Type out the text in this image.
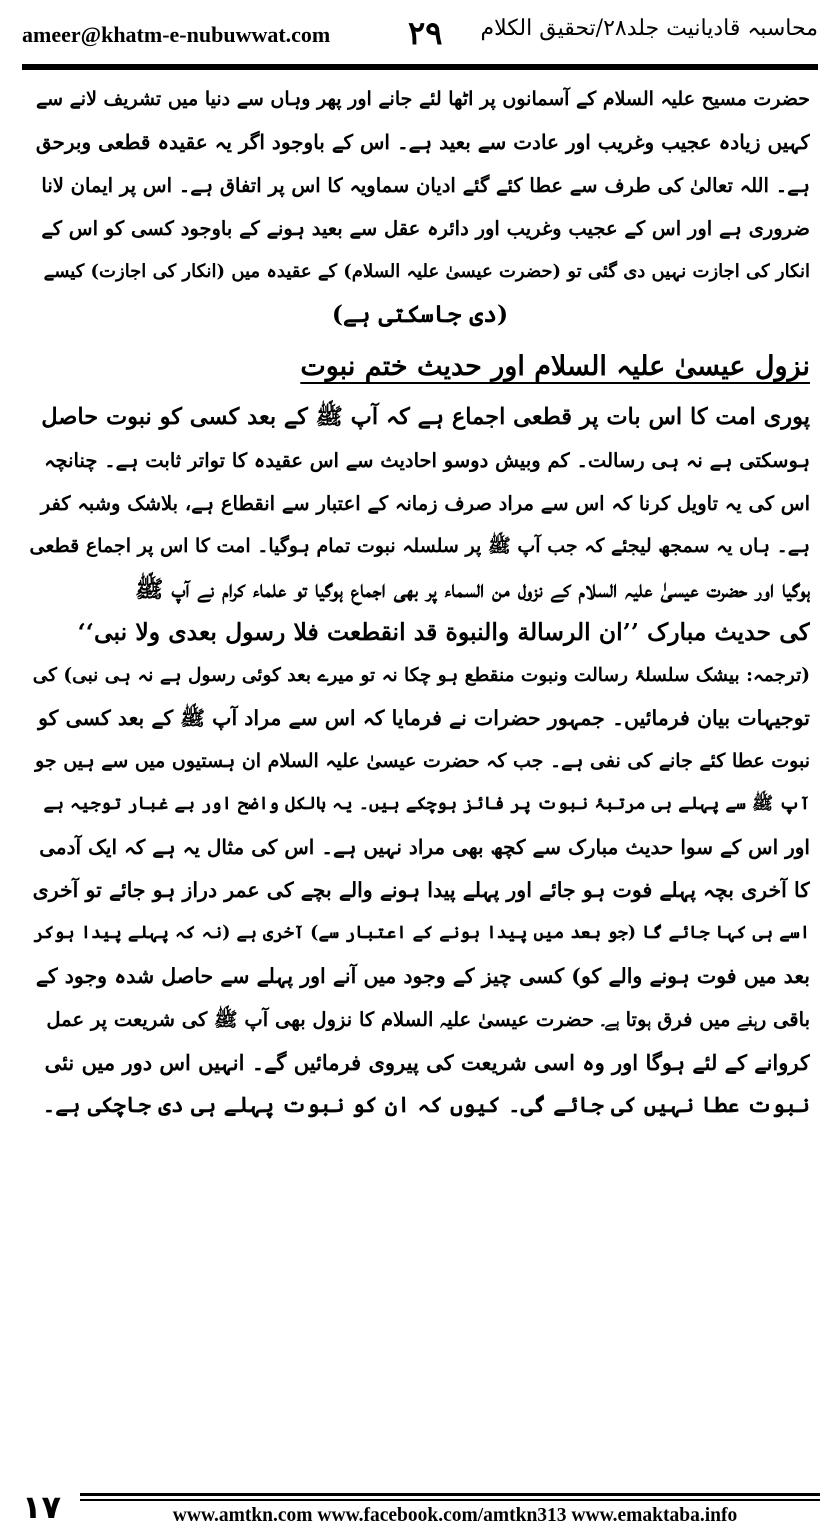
ameer@khatm-e-nubuwwat.com ۲۹ محاسبہ قادیانیت جلد۲۸/تحقیق الکلام
حضرت مسیح علیہ السلام کے آسمانوں پر اٹھا لئے جانے اور پھر وہاں سے دنیا میں تشریف لانے سے
کہیں زیادہ عجیب وغریب اور عادت سے بعید ہے۔ اس کے باوجود اگر یہ عقیدہ قطعی وبرحق
ہے۔ اللہ تعالیٰ کی طرف سے عطا کئے گئے ادیان سماویہ کا اس پر اتفاق ہے۔ اس پر ایمان لانا
ضروری ہے اور اس کے عجیب وغریب اور دائرہ عقل سے بعید ہونے کے باوجود کسی کو اس کے
انکار کی اجازت نہیں دی گئی تو (حضرت عیسیٰ علیہ السلام) کے عقیدہ میں (انکار کی اجازت) کیسے
(دی جاسکتی ہے)
نزول عیسیٰ علیہ السلام اور حدیث ختم نبوت
پوری امت کا اس بات پر قطعی اجماع ہے کہ آپ ﷺ کے بعد کسی کو نبوت حاصل
ہوسکتی ہے نہ ہی رسالت۔ کم وبیش دوسو احادیث سے اس عقیدہ کا تواتر ثابت ہے۔ چنانچہ
اس کی یہ تاویل کرنا کہ اس سے مراد صرف زمانہ کے اعتبار سے انقطاع ہے، بلاشک وشبہ کفر
ہے۔ ہاں یہ سمجھ لیجئے کہ جب آپ ﷺ پر سلسلہ نبوت تمام ہوگیا۔ امت کا اس پر اجماع قطعی
ہوگیا اور حضرت عیسیٰ علیہ السلام کے نزول من السماء پر بھی اجماع ہوگیا تو علماء کرام نے آپ ﷺ
کی حدیث مبارک ’’ان الرسالة والنبوة قد انقطعت فلا رسول بعدی ولا نبی‘‘
(ترجمہ: بیشک سلسلۂ رسالت ونبوت منقطع ہو چکا نہ تو میرے بعد کوئی رسول ہے نہ ہی نبی) کی
توجیہات بیان فرمائیں۔ جمہور حضرات نے فرمایا کہ اس سے مراد آپ ﷺ کے بعد کسی کو
نبوت عطا کئے جانے کی نفی ہے۔ جب کہ حضرت عیسیٰ علیہ السلام ان ہستیوں میں سے ہیں جو
آپ ﷺ سے پہلے ہی مرتبۂ نبوت پر فائز ہوچکے ہیں۔ یہ بالکل واضح اور بے غبار توجیہ ہے
اور اس کے سوا حدیث مبارک سے کچھ بھی مراد نہیں ہے۔ اس کی مثال یہ ہے کہ ایک آدمی
کا آخری بچہ پہلے فوت ہو جائے اور پہلے پیدا ہونے والے بچے کی عمر دراز ہو جائے تو آخری
اسے ہی کہا جائے گا (جو بعد میں پیدا ہونے کے اعتبار سے) آخری ہے (نہ کہ پہلے پیدا ہوکر
بعد میں فوت ہونے والے کو) کسی چیز کے وجود میں آنے اور پہلے سے حاصل شدہ وجود کے
باقی رہنے میں فرق ہوتا ہے۔ حضرت عیسیٰ علیہ السلام کا نزول بھی آپ ﷺ کی شریعت پر عمل
کروانے کے لئے ہوگا اور وہ اسی شریعت کی پیروی فرمائیں گے۔ انہیں اس دور میں نئی
نبوت عطا نہیں کی جائے گی۔ کیوں کہ ان کو نبوت پہلے ہی دی جاچکی ہے۔
۱۷	www.amtkn.com www.facebook.com/amtkn313 www.emaktaba.info
